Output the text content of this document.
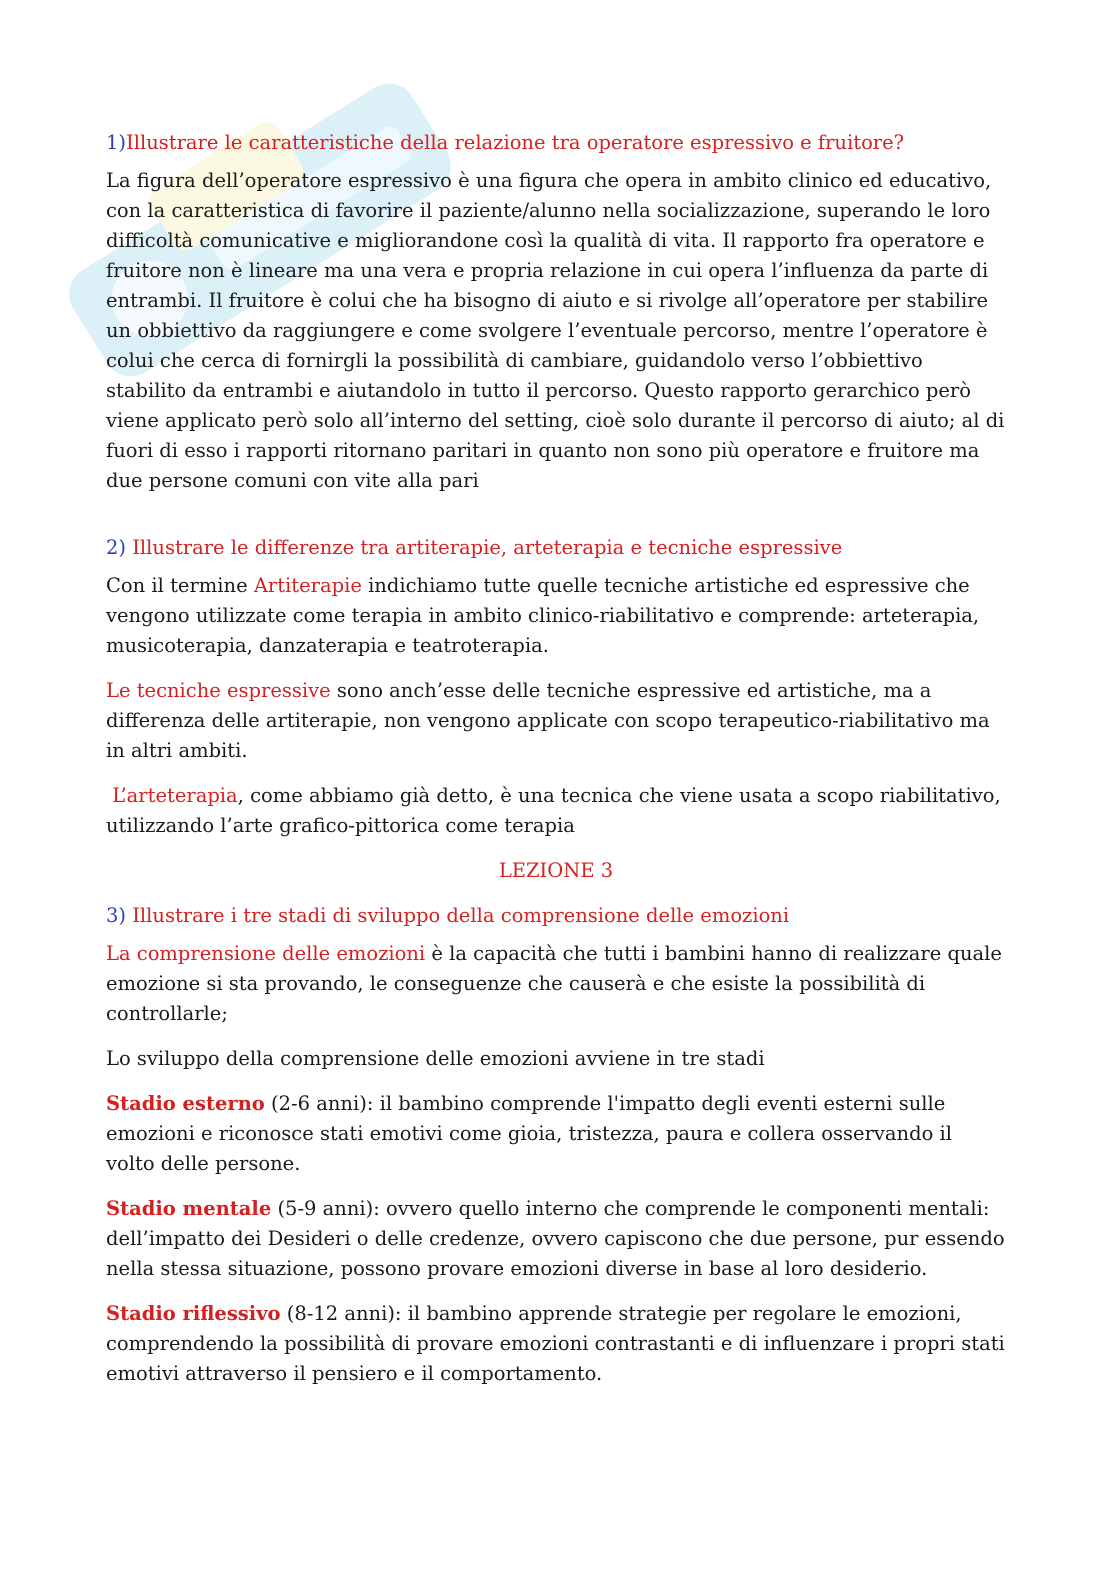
1)Illustrare le caratteristiche della relazione tra operatore espressivo e fruitore?

La figura dell’operatore espressivo è una figura che opera in ambito clinico ed educativo, con la caratteristica di favorire il paziente/alunno nella socializzazione, superando le loro difficoltà comunicative e migliorandone così la qualità di vita. Il rapporto fra operatore e fruitore non è lineare ma una vera e propria relazione in cui opera l’influenza da parte di entrambi. Il fruitore è colui che ha bisogno di aiuto e si rivolge all’operatore per stabilire un obbiettivo da raggiungere e come svolgere l’eventuale percorso, mentre l’operatore è colui che cerca di fornirgli la possibilità di cambiare, guidandolo verso l’obbiettivo stabilito da entrambi e aiutandolo in tutto il percorso. Questo rapporto gerarchico però viene applicato però solo all’interno del setting, cioè solo durante il percorso di aiuto; al di fuori di esso i rapporti ritornano paritari in quanto non sono più operatore e fruitore ma due persone comuni con vite alla pari

2) Illustrare le differenze tra artiterapie, arteterapia e tecniche espressive

Con il termine Artiterapie indichiamo tutte quelle tecniche artistiche ed espressive che vengono utilizzate come terapia in ambito clinico-riabilitativo e comprende: arteterapia, musicoterapia, danzaterapia e teatroterapia.

Le tecniche espressive sono anch’esse delle tecniche espressive ed artistiche, ma a differenza delle artiterapie, non vengono applicate con scopo terapeutico-riabilitativo ma in altri ambiti.

L’arteterapia, come abbiamo già detto, è una tecnica che viene usata a scopo riabilitativo, utilizzando l’arte grafico-pittorica come terapia

LEZIONE 3
3) Illustrare i tre stadi di sviluppo della comprensione delle emozioni

La comprensione delle emozioni è la capacità che tutti i bambini hanno di realizzare quale emozione si sta provando, le conseguenze che causerà e che esiste la possibilità di controllarle;

Lo sviluppo della comprensione delle emozioni avviene in tre stadi

Stadio esterno (2-6 anni): il bambino comprende l'impatto degli eventi esterni sulle emozioni e riconosce stati emotivi come gioia, tristezza, paura e collera osservando il volto delle persone.

Stadio mentale (5-9 anni): ovvero quello interno che comprende le componenti mentali: dell’impatto dei Desideri o delle credenze, ovvero capiscono che due persone, pur essendo nella stessa situazione, possono provare emozioni diverse in base al loro desiderio.

Stadio riflessivo (8-12 anni): il bambino apprende strategie per regolare le emozioni, comprendendo la possibilità di provare emozioni contrastanti e di influenzare i propri stati emotivi attraverso il pensiero e il comportamento.
